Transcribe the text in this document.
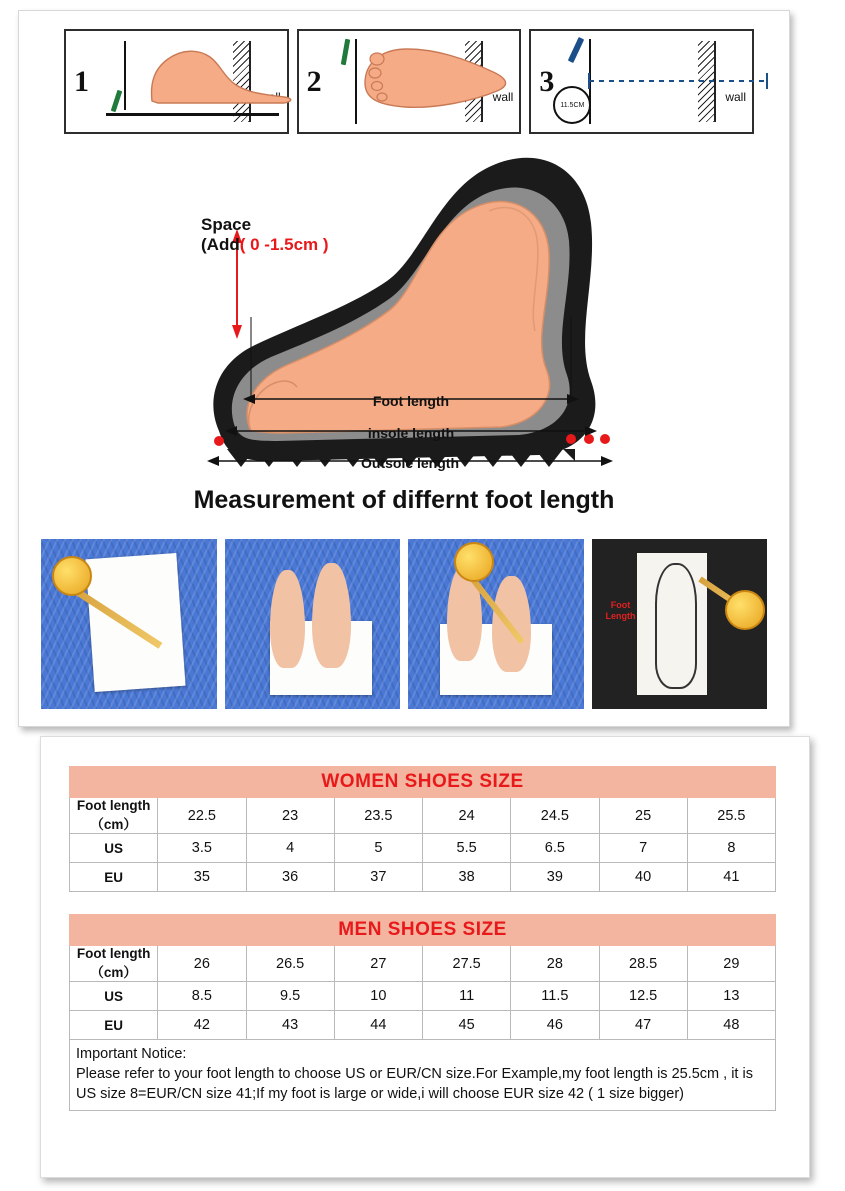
1	2	wall 3	wall
11.5CM
Space
(Add( 0 -1.5cm )
Foot length
insole length
Outsole length
Measurement of differnt foot length
Foot
Length
WOMEN SHOES SIZE							
Foot length（cm）	22.5	23	23.5	24	24.5	25	25.5
US	3.5	4	5	5.5	6.5	7	8
EU	35	36	37	38	39	40	41
MEN SHOES SIZE							
Foot length（cm）	26	26.5	27	27.5	28	28.5	29
US	8.5	9.5	10	11	11.5	12.5	13
EU	42	43	44	45	46	47	48
Important Notice:
Please refer to your foot length to choose US or EUR/CN size.For Example,my foot length is 25.5cm , it is US size 8=EUR/CN size 41;If my foot is large or wide,i will choose EUR size 42 ( 1 size bigger)
